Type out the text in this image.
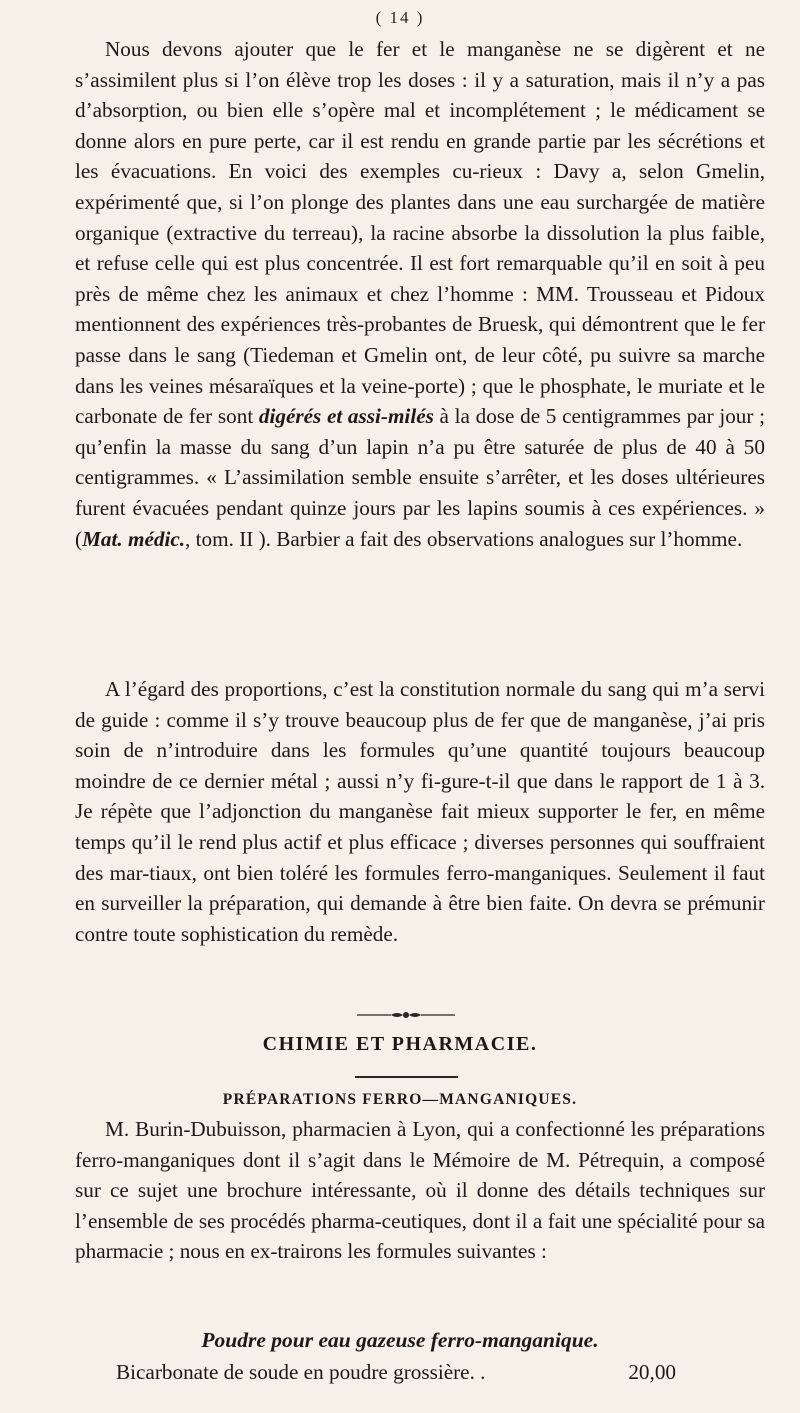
( 14 )

Nous devons ajouter que le fer et le manganèse ne se digèrent et ne s’assimilent plus si l’on élève trop les doses : il y a saturation, mais il n’y a pas d’absorption, ou bien elle s’opère mal et incomplétement ; le médicament se donne alors en pure perte, car il est rendu en grande partie par les sécrétions et les évacuations. En voici des exemples cu-rieux : Davy a, selon Gmelin, expérimenté que, si l’on plonge des plantes dans une eau surchargée de matière organique (extractive du terreau), la racine absorbe la dissolution la plus faible, et refuse celle qui est plus concentrée. Il est fort remarquable qu’il en soit à peu près de même chez les animaux et chez l’homme : MM. Trousseau et Pidoux mentionnent des expériences très-probantes de Bruesk, qui démontrent que le fer passe dans le sang (Tiedeman et Gmelin ont, de leur côté, pu suivre sa marche dans les veines mésaraïques et la veine-porte) ; que le phosphate, le muriate et le carbonate de fer sont digérés et assi-milés à la dose de 5 centigrammes par jour ; qu’enfin la masse du sang d’un lapin n’a pu être saturée de plus de 40 à 50 centigrammes. « L’assimilation semble ensuite s’arrêter, et les doses ultérieures furent évacuées pendant quinze jours par les lapins soumis à ces expériences. » (Mat. médic., tom. II ). Barbier a fait des observations analogues sur l’homme.

A l’égard des proportions, c’est la constitution normale du sang qui m’a servi de guide : comme il s’y trouve beaucoup plus de fer que de manganèse, j’ai pris soin de n’introduire dans les formules qu’une quantité toujours beaucoup moindre de ce dernier métal ; aussi n’y fi-gure-t-il que dans le rapport de 1 à 3. Je répète que l’adjonction du manganèse fait mieux supporter le fer, en même temps qu’il le rend plus actif et plus efficace ; diverses personnes qui souffraient des mar-tiaux, ont bien toléré les formules ferro-manganiques. Seulement il faut en surveiller la préparation, qui demande à être bien faite. On devra se prémunir contre toute sophistication du remède.

CHIMIE ET PHARMACIE.
PRÉPARATIONS FERRO—MANGANIQUES.

M. Burin-Dubuisson, pharmacien à Lyon, qui a confectionné les préparations ferro-manganiques dont il s’agit dans le Mémoire de M. Pétrequin, a composé sur ce sujet une brochure intéressante, où il donne des détails techniques sur l’ensemble de ses procédés pharma-ceutiques, dont il a fait une spécialité pour sa pharmacie ; nous en ex-trairons les formules suivantes :

Poudre pour eau gazeuse ferro-manganique.
Bicarbonate de soude en poudre grossière. .	20,00
